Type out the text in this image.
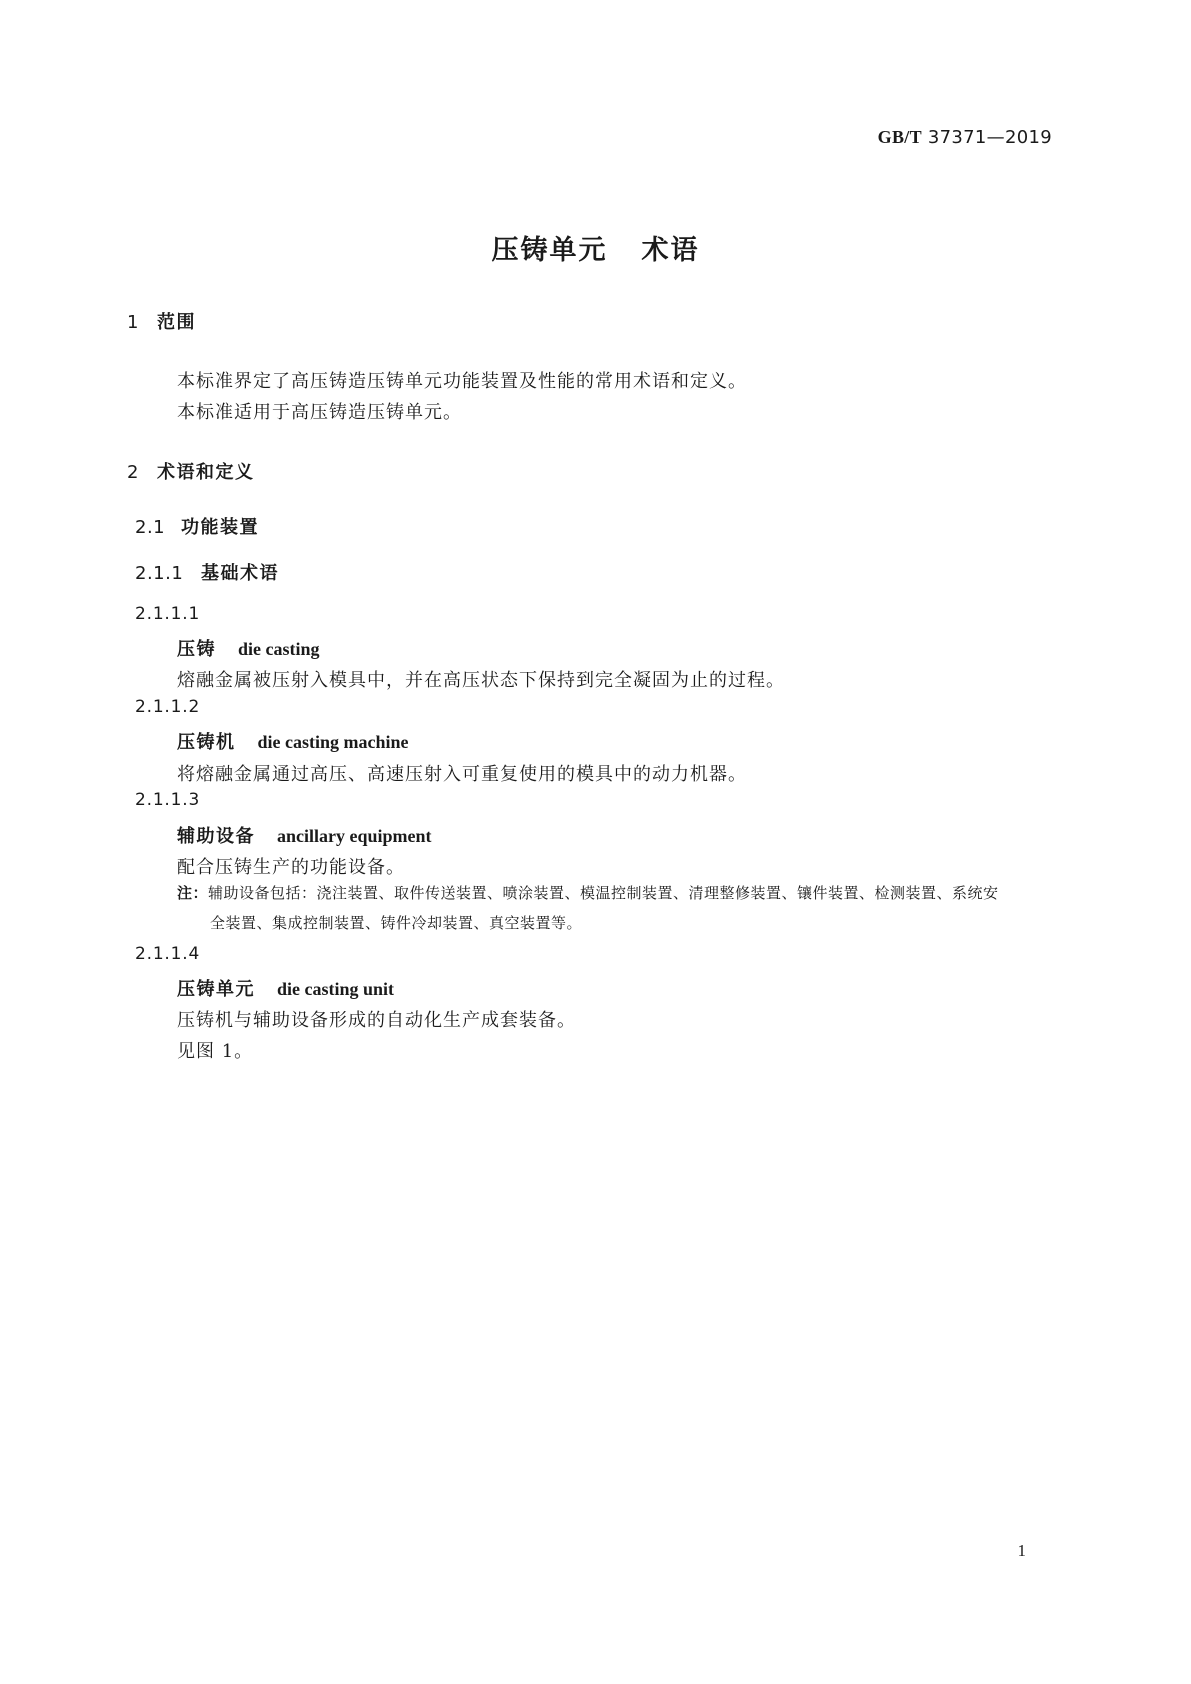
GB/T 37371—2019
压铸单元 术语
1 范围
本标准界定了高压铸造压铸单元功能装置及性能的常用术语和定义。
本标准适用于高压铸造压铸单元。
2 术语和定义
2.1 功能装置
2.1.1 基础术语
2.1.1.1
压铸 die casting
熔融金属被压射入模具中，并在高压状态下保持到完全凝固为止的过程。
2.1.1.2
压铸机 die casting machine
将熔融金属通过高压、高速压射入可重复使用的模具中的动力机器。
2.1.1.3
辅助设备 ancillary equipment
配合压铸生产的功能设备。
注：辅助设备包括：浇注装置、取件传送装置、喷涂装置、模温控制装置、清理整修装置、镶件装置、检测装置、系统安
全装置、集成控制装置、铸件冷却装置、真空装置等。
2.1.1.4
压铸单元 die casting unit
压铸机与辅助设备形成的自动化生产成套装备。
见图 1。
1
